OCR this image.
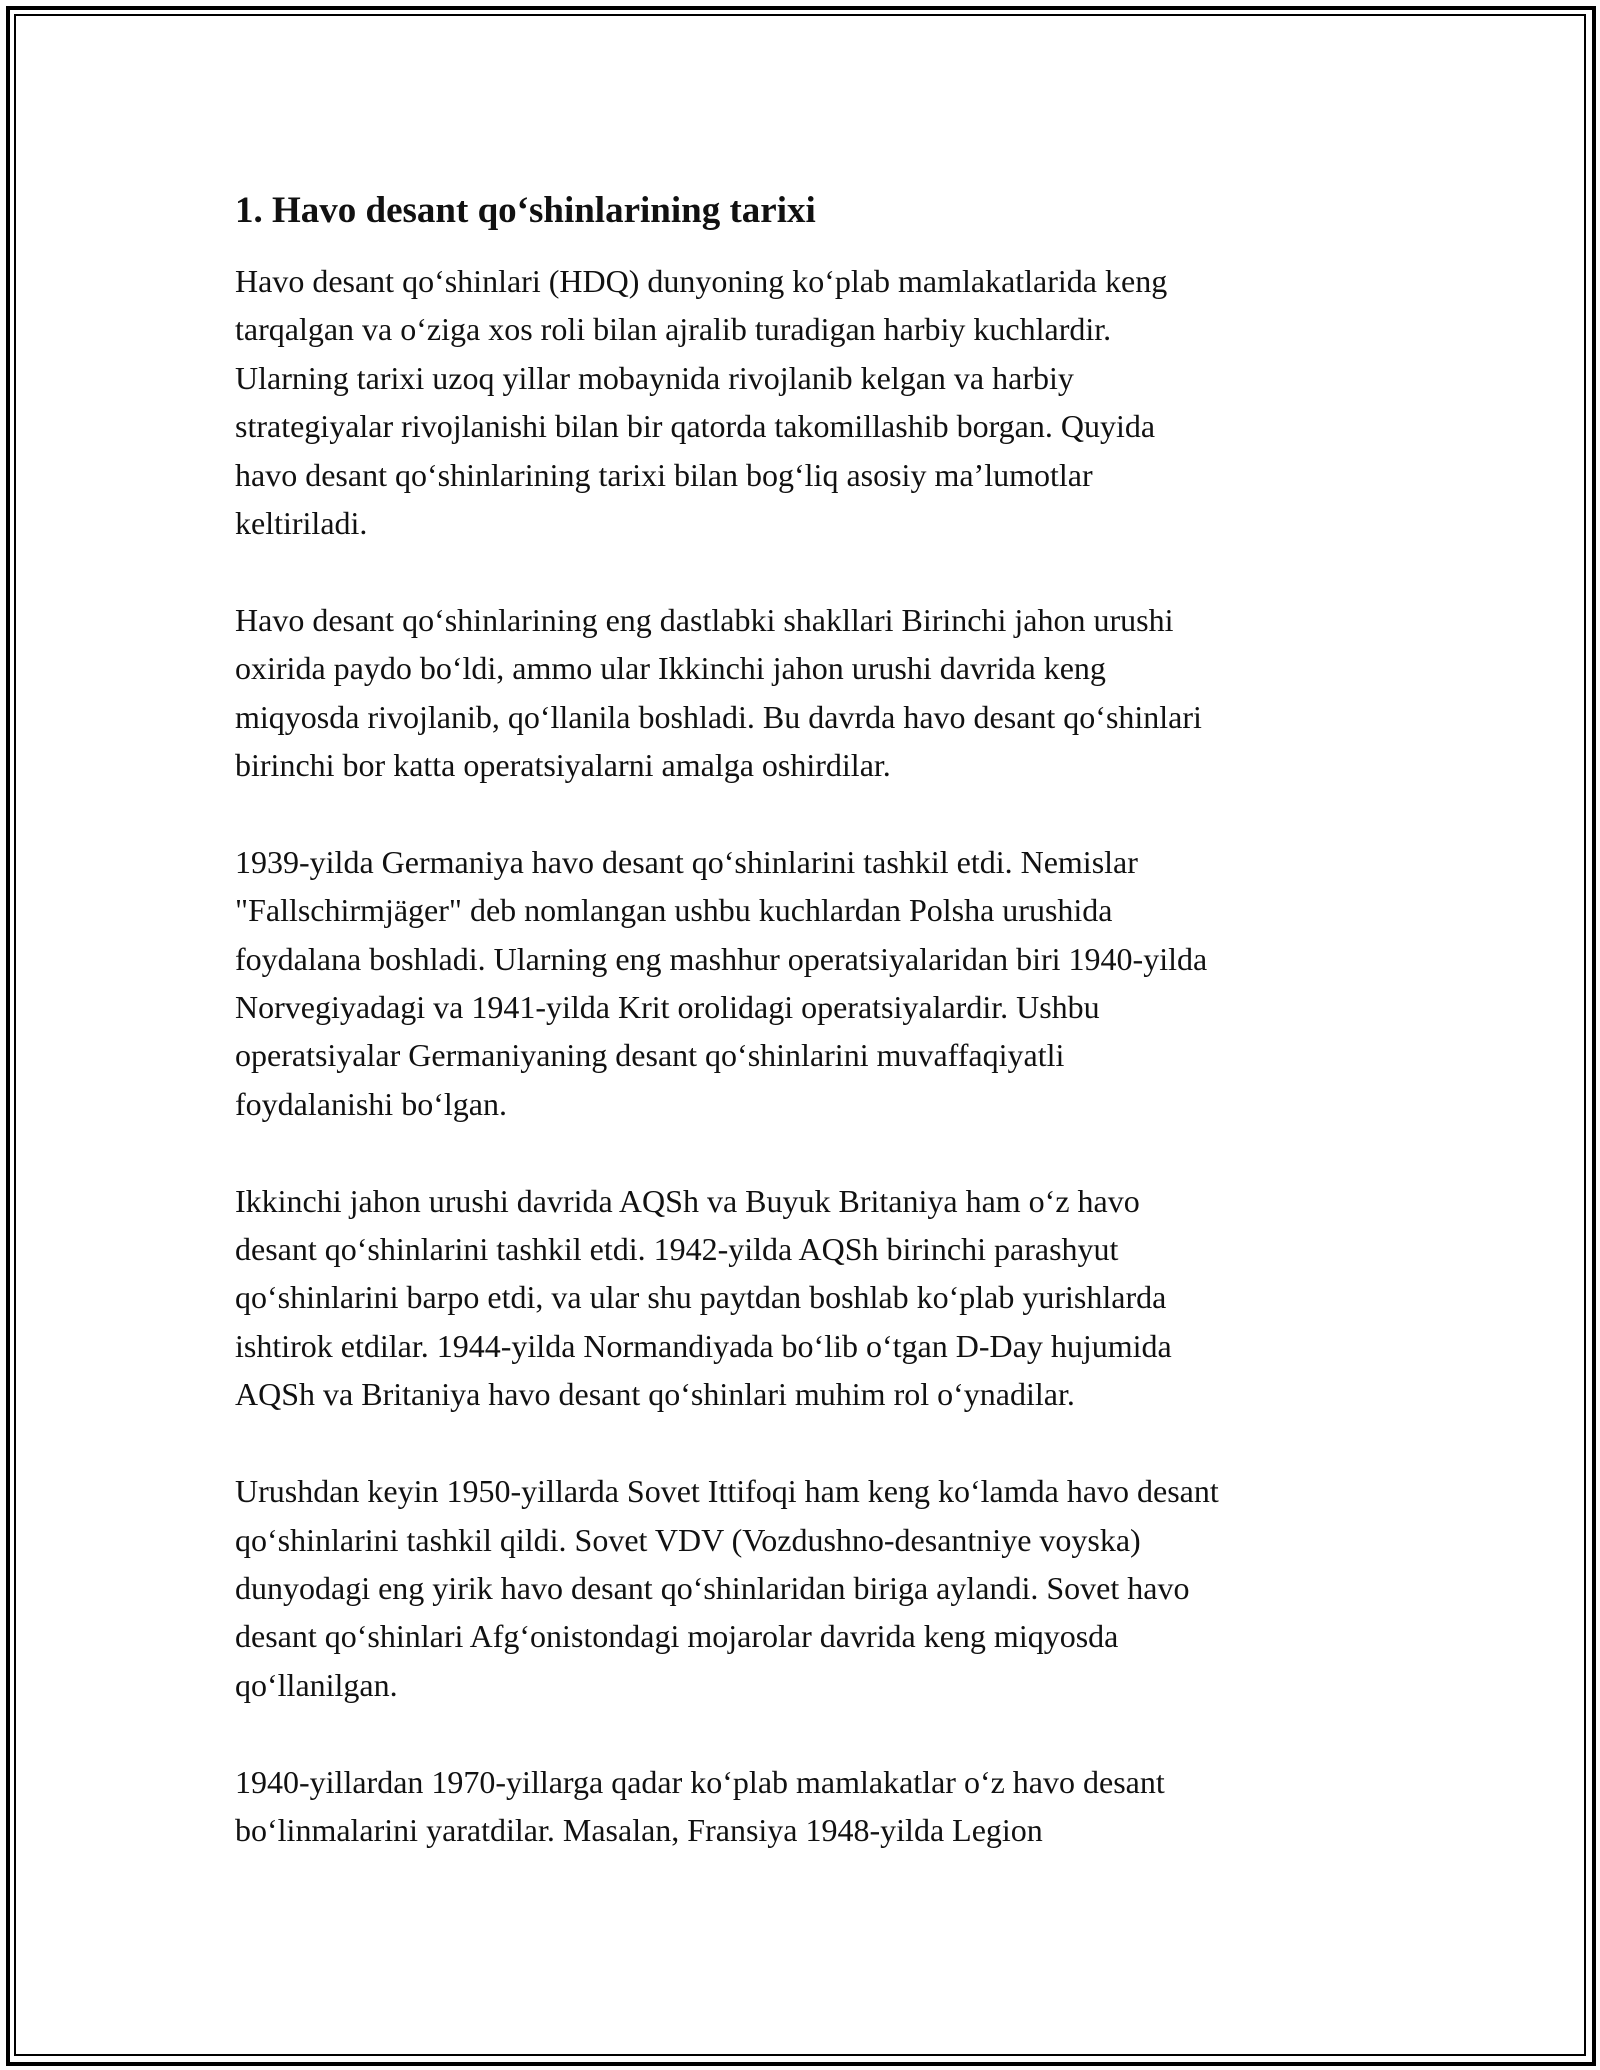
1. Havo desant qo‘shinlarining tarixi
Havo desant qo‘shinlari (HDQ) dunyoning ko‘plab mamlakatlarida keng
tarqalgan va o‘ziga xos roli bilan ajralib turadigan harbiy kuchlardir.
Ularning tarixi uzoq yillar mobaynida rivojlanib kelgan va harbiy
strategiyalar rivojlanishi bilan bir qatorda takomillashib borgan. Quyida
havo desant qo‘shinlarining tarixi bilan bog‘liq asosiy ma’lumotlar
keltiriladi.
Havo desant qo‘shinlarining eng dastlabki shakllari Birinchi jahon urushi
oxirida paydo bo‘ldi, ammo ular Ikkinchi jahon urushi davrida keng
miqyosda rivojlanib, qo‘llanila boshladi. Bu davrda havo desant qo‘shinlari
birinchi bor katta operatsiyalarni amalga oshirdilar.
1939-yilda Germaniya havo desant qo‘shinlarini tashkil etdi. Nemislar
"Fallschirmjäger" deb nomlangan ushbu kuchlardan Polsha urushida
foydalana boshladi. Ularning eng mashhur operatsiyalaridan biri 1940-yilda
Norvegiyadagi va 1941-yilda Krit orolidagi operatsiyalardir. Ushbu
operatsiyalar Germaniyaning desant qo‘shinlarini muvaffaqiyatli
foydalanishi bo‘lgan.
Ikkinchi jahon urushi davrida AQSh va Buyuk Britaniya ham o‘z havo
desant qo‘shinlarini tashkil etdi. 1942-yilda AQSh birinchi parashyut
qo‘shinlarini barpo etdi, va ular shu paytdan boshlab ko‘plab yurishlarda
ishtirok etdilar. 1944-yilda Normandiyada bo‘lib o‘tgan D-Day hujumida
AQSh va Britaniya havo desant qo‘shinlari muhim rol o‘ynadilar.
Urushdan keyin 1950-yillarda Sovet Ittifoqi ham keng ko‘lamda havo desant
qo‘shinlarini tashkil qildi. Sovet VDV (Vozdushno-desantniye voyska)
dunyodagi eng yirik havo desant qo‘shinlaridan biriga aylandi. Sovet havo
desant qo‘shinlari Afg‘onistondagi mojarolar davrida keng miqyosda
qo‘llanilgan.
1940-yillardan 1970-yillarga qadar ko‘plab mamlakatlar o‘z havo desant
bo‘linmalarini yaratdilar. Masalan, Fransiya 1948-yilda Legion
